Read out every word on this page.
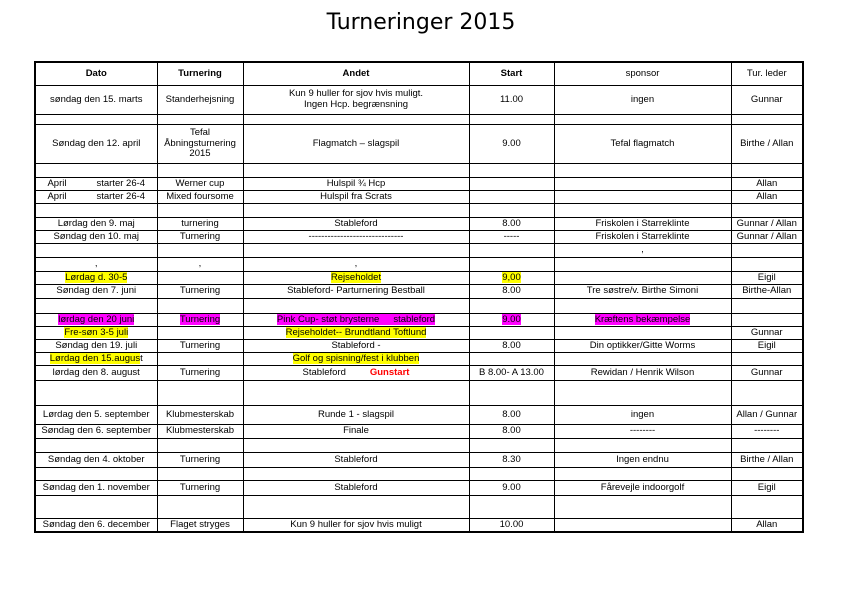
Turneringer 2015
Dato	Turnering	Andet	Start	sponsor	Tur. leder
søndag den 15. marts	Standerhejsning	Kun 9 huller for sjov hvis muligt.
Ingen Hcp. begrænsning	11.00	ingen	Gunnar

Søndag den 12. april	Tefal
Åbningsturnering
2015	Flagmatch – slagspil	9.00	Tefal flagmatch	Birthe / Allan

April starter 26-4	Werner cup	Hulspil ¾ Hcp			Allan
April starter 26-4	Mixed foursome	Hulspil fra Scrats			Allan

Lørdag den 9. maj	turnering	Stableford	8.00	Friskolen i Starreklinte	Gunnar / Allan
Søndag den 10. maj	Turnering	------------------------------	-----	Friskolen i Starreklinte	Gunnar / Allan
				,	
,	,	,			
Lørdag d. 30-5		Rejseholdet	9,00		Eigil
Søndag den 7. juni	Turnering	Stableford- Parturnering Bestball	8.00	Tre søstre/v. Birthe Simoni	Birthe-Allan

lørdag den 20 juni	Turnering	Pink Cup- støt brysterne stableford	9.00	Kræftens bekæmpelse	
Fre-søn 3-5 juli		Rejseholdet-- Brundtland Toftlund			Gunnar
Søndag den 19. juli	Turnering	Stableford -	8.00	Din optikker/Gitte Worms	Eigil
Lørdag den 15.august		Golf og spisning/fest i klubben			
lørdag den 8. august	Turnering	Stableford Gunstart	B 8.00- A 13.00	Rewidan / Henrik Wilson	Gunnar

Lørdag den 5. september	Klubmesterskab	Runde 1 - slagspil	8.00	ingen	Allan / Gunnar
Søndag den 6. september	Klubmesterskab	Finale	8.00	--------	--------

Søndag den 4. oktober	Turnering	Stableford	8.30	Ingen endnu	Birthe / Allan

Søndag den 1. november	Turnering	Stableford	9.00	Fårevejle indoorgolf	Eigil

Søndag den 6. december	Flaget stryges	Kun 9 huller for sjov hvis muligt	10.00		Allan
